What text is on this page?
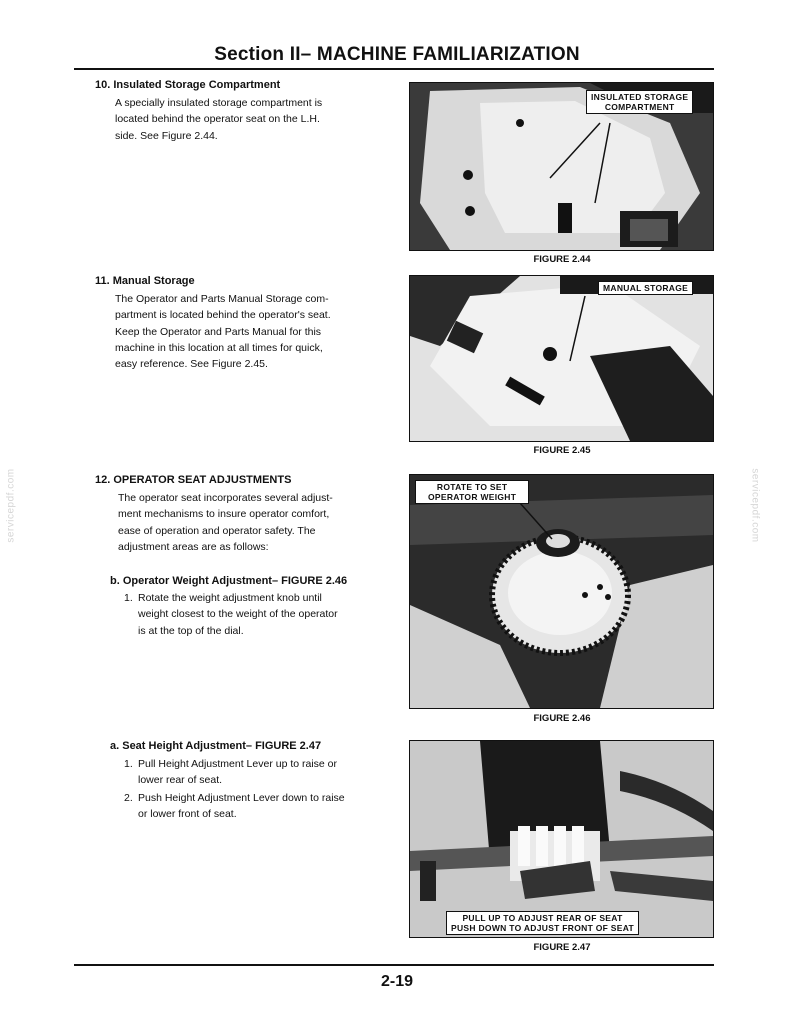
Section II– MACHINE FAMILIARIZATION
servicepdf.com	servicepdf.com
10. Insulated Storage Compartment
A specially insulated storage compartment is
located behind the operator seat on the L.H.
side. See Figure 2.44.
INSULATED STORAGE
COMPARTMENT
FIGURE 2.44
11. Manual Storage
The Operator and Parts Manual Storage com-
partment is located behind the operator's seat.
Keep the Operator and Parts Manual for this
machine in this location at all times for quick,
easy reference. See Figure 2.45.
MANUAL STORAGE
FIGURE 2.45
12. OPERATOR SEAT ADJUSTMENTS
The operator seat incorporates several adjust-
ment mechanisms to insure operator comfort,
ease of operation and operator safety. The
adjustment areas are as follows:
b. Operator Weight Adjustment– FIGURE 2.46
1. Rotate the weight adjustment knob until
weight closest to the weight of the operator
is at the top of the dial.
ROTATE TO SET
OPERATOR WEIGHT
FIGURE 2.46
a. Seat Height Adjustment– FIGURE 2.47
1. Pull Height Adjustment Lever up to raise or
lower rear of seat.
2. Push Height Adjustment Lever down to raise
or lower front of seat.
PULL UP TO ADJUST REAR OF SEAT
PUSH DOWN TO ADJUST FRONT OF SEAT
FIGURE 2.47
2-19
